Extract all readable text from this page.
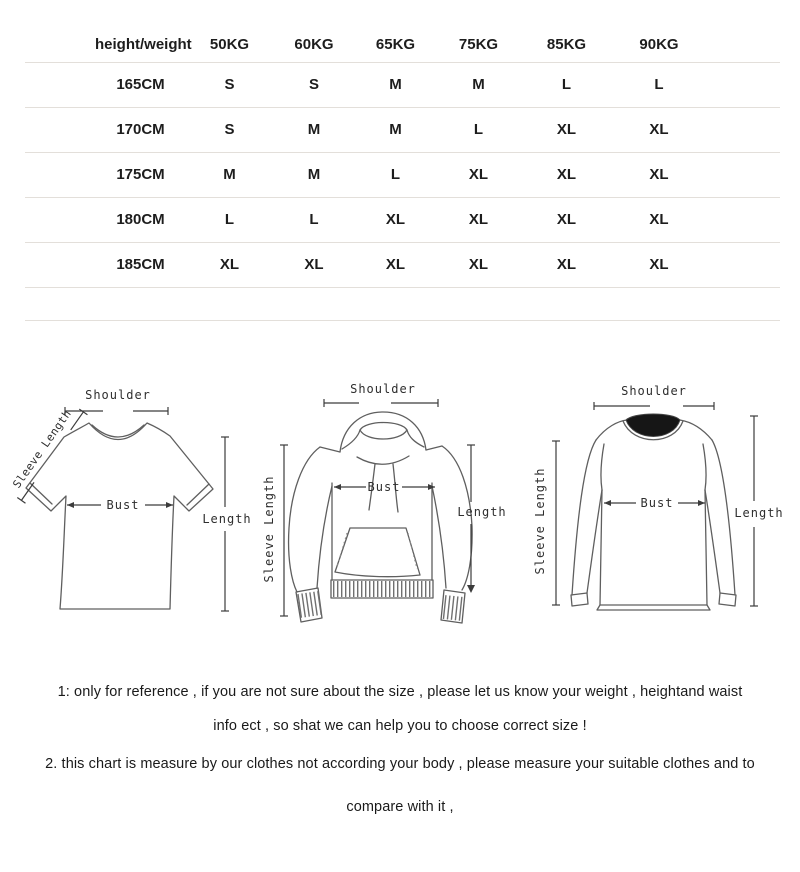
height/weight	50KG	60KG	65KG	75KG	85KG	90KG	
165CM	S	S	M	M	L	L	
170CM	S	M	M	L	XL	XL	
175CM	M	M	L	XL	XL	XL	
180CM	L	L	XL	XL	XL	XL	
185CM	XL	XL	XL	XL	XL	XL	

Shoulder
Sleeve Length
Bust
Length
Shoulder
Bust
Sleeve Length	Length
Shoulder
Bust
Sleeve Length	Length
1: only for reference , if you are not sure about the size , please let us know your weight , heightand waist
info ect , so shat we can help you to choose correct size !
2. this chart is measure by our clothes not according your body , please measure your suitable clothes and to
compare with it ,
